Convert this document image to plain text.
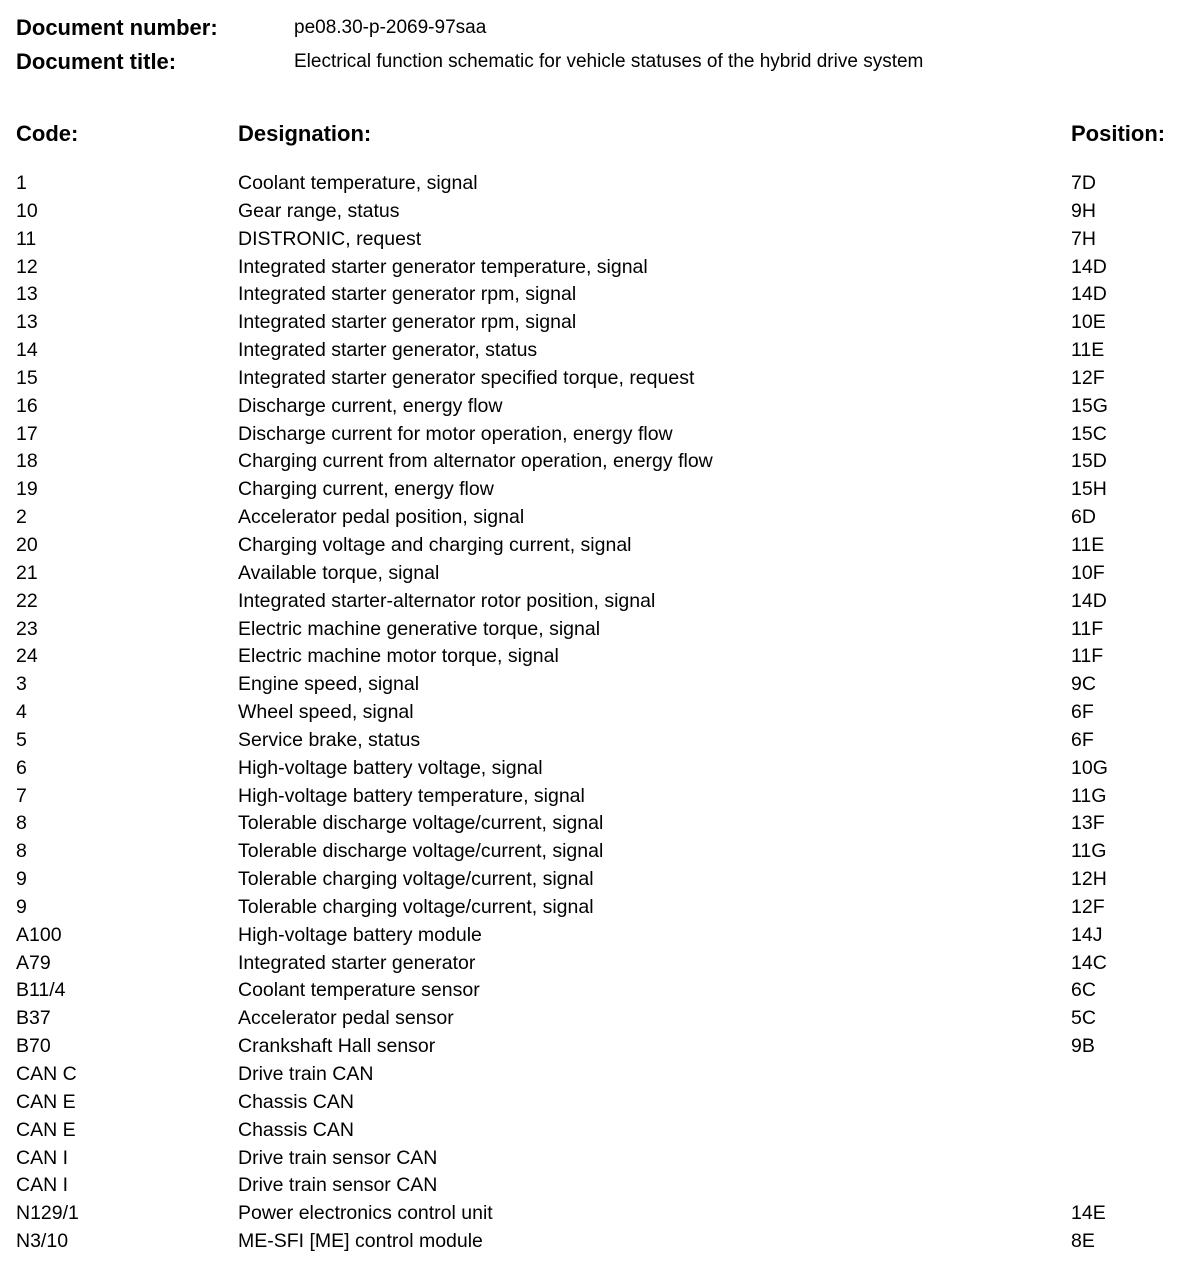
Document number:	pe08.30-p-2069-97saa
Document title:	Electrical function schematic for vehicle statuses of the hybrid drive system
Code:	Designation:	Position:
1	Coolant temperature, signal	7D
10	Gear range, status	9H
11	DISTRONIC, request	7H
12	Integrated starter generator temperature, signal	14D
13	Integrated starter generator rpm, signal	14D
13	Integrated starter generator rpm, signal	10E
14	Integrated starter generator, status	11E
15	Integrated starter generator specified torque, request	12F
16	Discharge current, energy flow	15G
17	Discharge current for motor operation, energy flow	15C
18	Charging current from alternator operation, energy flow	15D
19	Charging current, energy flow	15H
2	Accelerator pedal position, signal	6D
20	Charging voltage and charging current, signal	11E
21	Available torque, signal	10F
22	Integrated starter-alternator rotor position, signal	14D
23	Electric machine generative torque, signal	11F
24	Electric machine motor torque, signal	11F
3	Engine speed, signal	9C
4	Wheel speed, signal	6F
5	Service brake, status	6F
6	High-voltage battery voltage, signal	10G
7	High-voltage battery temperature, signal	11G
8	Tolerable discharge voltage/current, signal	13F
8	Tolerable discharge voltage/current, signal	11G
9	Tolerable charging voltage/current, signal	12H
9	Tolerable charging voltage/current, signal	12F
A100	High-voltage battery module	14J
A79	Integrated starter generator	14C
B11/4	Coolant temperature sensor	6C
B37	Accelerator pedal sensor	5C
B70	Crankshaft Hall sensor	9B
CAN C	Drive train CAN
CAN E	Chassis CAN
CAN E	Chassis CAN
CAN I	Drive train sensor CAN
CAN I	Drive train sensor CAN
N129/1	Power electronics control unit	14E
N3/10	ME-SFI [ME] control module	8E
